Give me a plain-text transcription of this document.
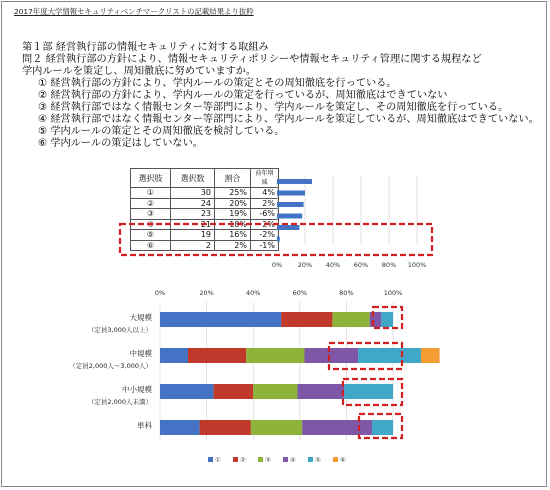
2017年度大学情報セキュリティベンチマークリストの記載結果より抜粋
第１部 経営執行部の情報セキュリティに対する取組み
問２ 経営執行部の方針により、情報セキュリティポリシーや情報セキュリティ管理に関する規程など
学内ルールを策定し、周知徹底に努めていますか。
① 経営執行部の方針により、学内ルールの策定とその周知徹底を行っている。
② 経営執行部の方針により、学内ルールの策定を行っているが、周知徹底はできていない
③ 経営執行部ではなく情報センター等部門により、学内ルールを策定し、その周知徹底を行っている。
④ 経営執行部ではなく情報センター等部門により、学内ルールを策定しているが、周知徹底はできていない。
⑤ 学内ルールの策定とその周知徹底を検討している。
⑥ 学内ルールの策定はしていない。
選択肢	選択数	割合	前年増減
①	30	25%	4%
②	24	20%	2%
③	23	19%	-6%
④	21	18%	2%
⑤	19	16%	-2%
⑥	2	2%	-1%
0% 20% 40% 60% 80% 100%
0%	20%	40%	60%	80%	100%
大規模
（定員3,000人以上）
中規模
（定員2,000人～3,000人）
中小規模
（定員2,000人未満）
単科
①	②	③	④	⑤	⑥
